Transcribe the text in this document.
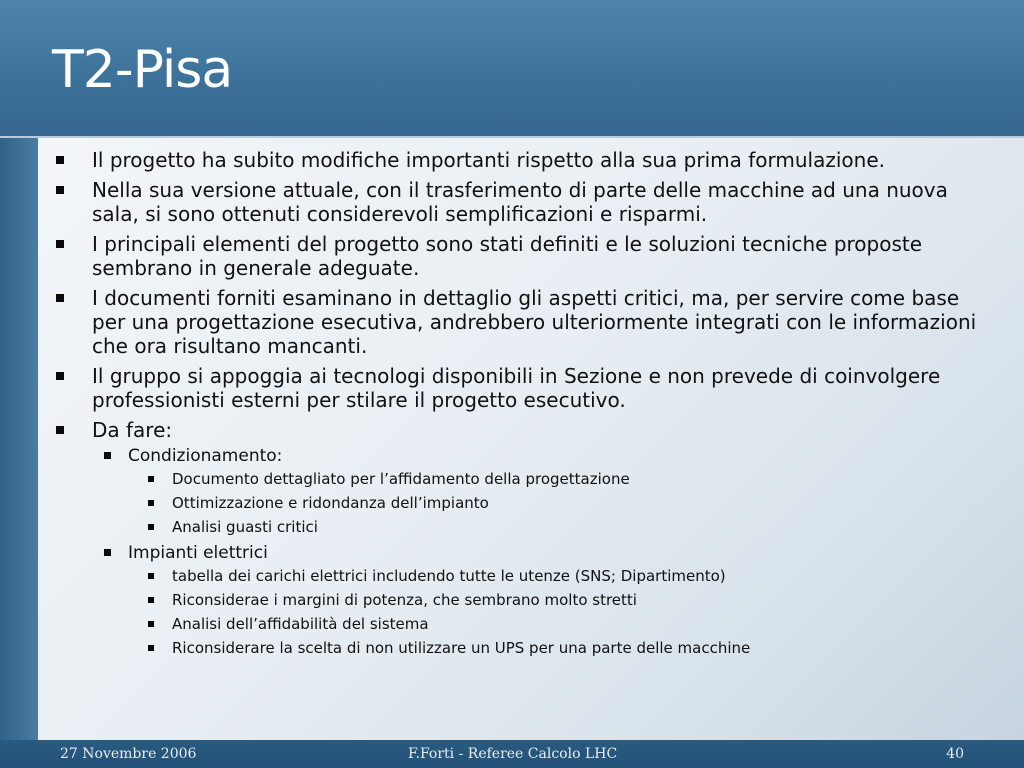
T2-Pisa
​
Il progetto ha subito modifiche importanti rispetto alla sua prima formulazione.
Nella sua versione attuale, con il trasferimento di parte delle macchine ad una nuova sala, si sono ottenuti considerevoli semplificazioni e risparmi.
I principali elementi del progetto sono stati definiti e le soluzioni tecniche proposte sembrano in generale adeguate.
I documenti forniti esaminano in dettaglio gli aspetti critici, ma, per servire come base per una progettazione esecutiva, andrebbero ulteriormente integrati con le informazioni che ora risultano mancanti.
Il gruppo si appoggia ai tecnologi disponibili in Sezione e non prevede di coinvolgere professionisti esterni per stilare il progetto esecutivo.
Da fare:
Condizionamento:
Documento dettagliato per l’affidamento della progettazione
Ottimizzazione e ridondanza dell’impianto
Analisi guasti critici
Impianti elettrici
tabella dei carichi elettrici includendo tutte le utenze (SNS; Dipartimento)
Riconsiderae i margini di potenza, che sembrano molto stretti
Analisi dell’affidabilità del sistema
Riconsiderare la scelta di non utilizzare un UPS per una parte delle macchine
27 Novembre 2006	F.Forti - Referee Calcolo LHC	40
